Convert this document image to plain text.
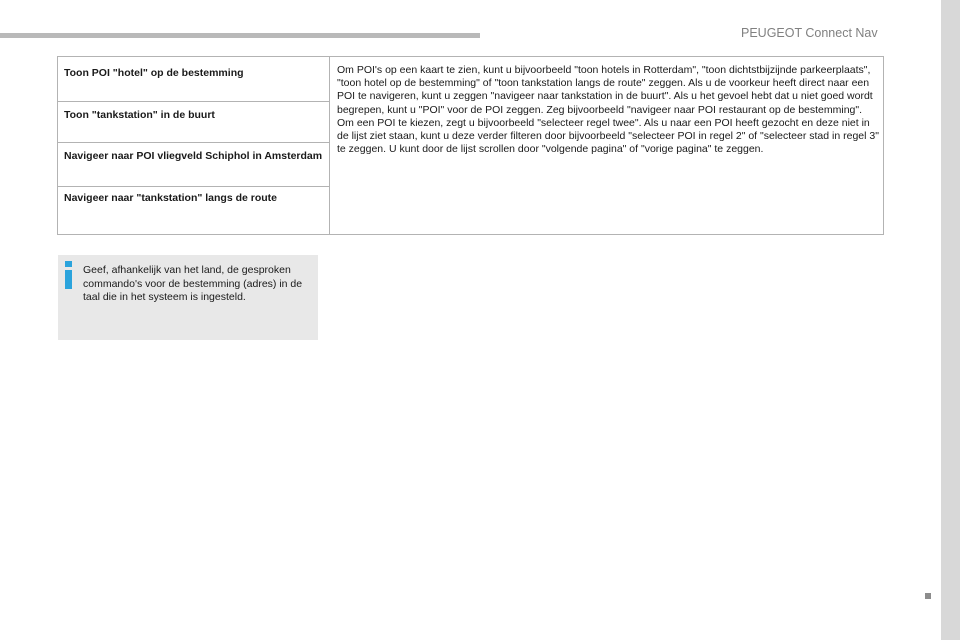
PEUGEOT Connect Nav
Toon POI "hotel" op de bestemming
Toon "tankstation" in de buurt
Navigeer naar POI vliegveld Schiphol in Amsterdam
Navigeer naar "tankstation" langs de route

Om POI's op een kaart te zien, kunt u bijvoorbeeld "toon hotels in Rotterdam", "toon dichtstbijzijnde parkeerplaats", "toon hotel op de bestemming" of "toon tankstation langs de route" zeggen. Als u de voorkeur heeft direct naar een POI te navigeren, kunt u zeggen "navigeer naar tankstation in de buurt". Als u het gevoel hebt dat u niet goed wordt begrepen, kunt u "POI" voor de POI zeggen. Zeg bijvoorbeeld "navigeer naar POI restaurant op de bestemming".

Om een POI te kiezen, zegt u bijvoorbeeld "selecteer regel twee". Als u naar een POI heeft gezocht en deze niet in de lijst ziet staan, kunt u deze verder filteren door bijvoorbeeld "selecteer POI in regel 2" of "selecteer stad in regel 3" te zeggen. U kunt door de lijst scrollen door "volgende pagina" of "vorige pagina" te zeggen.

Geef, afhankelijk van het land, de gesproken commando's voor de bestemming (adres) in de taal die in het systeem is ingesteld.
